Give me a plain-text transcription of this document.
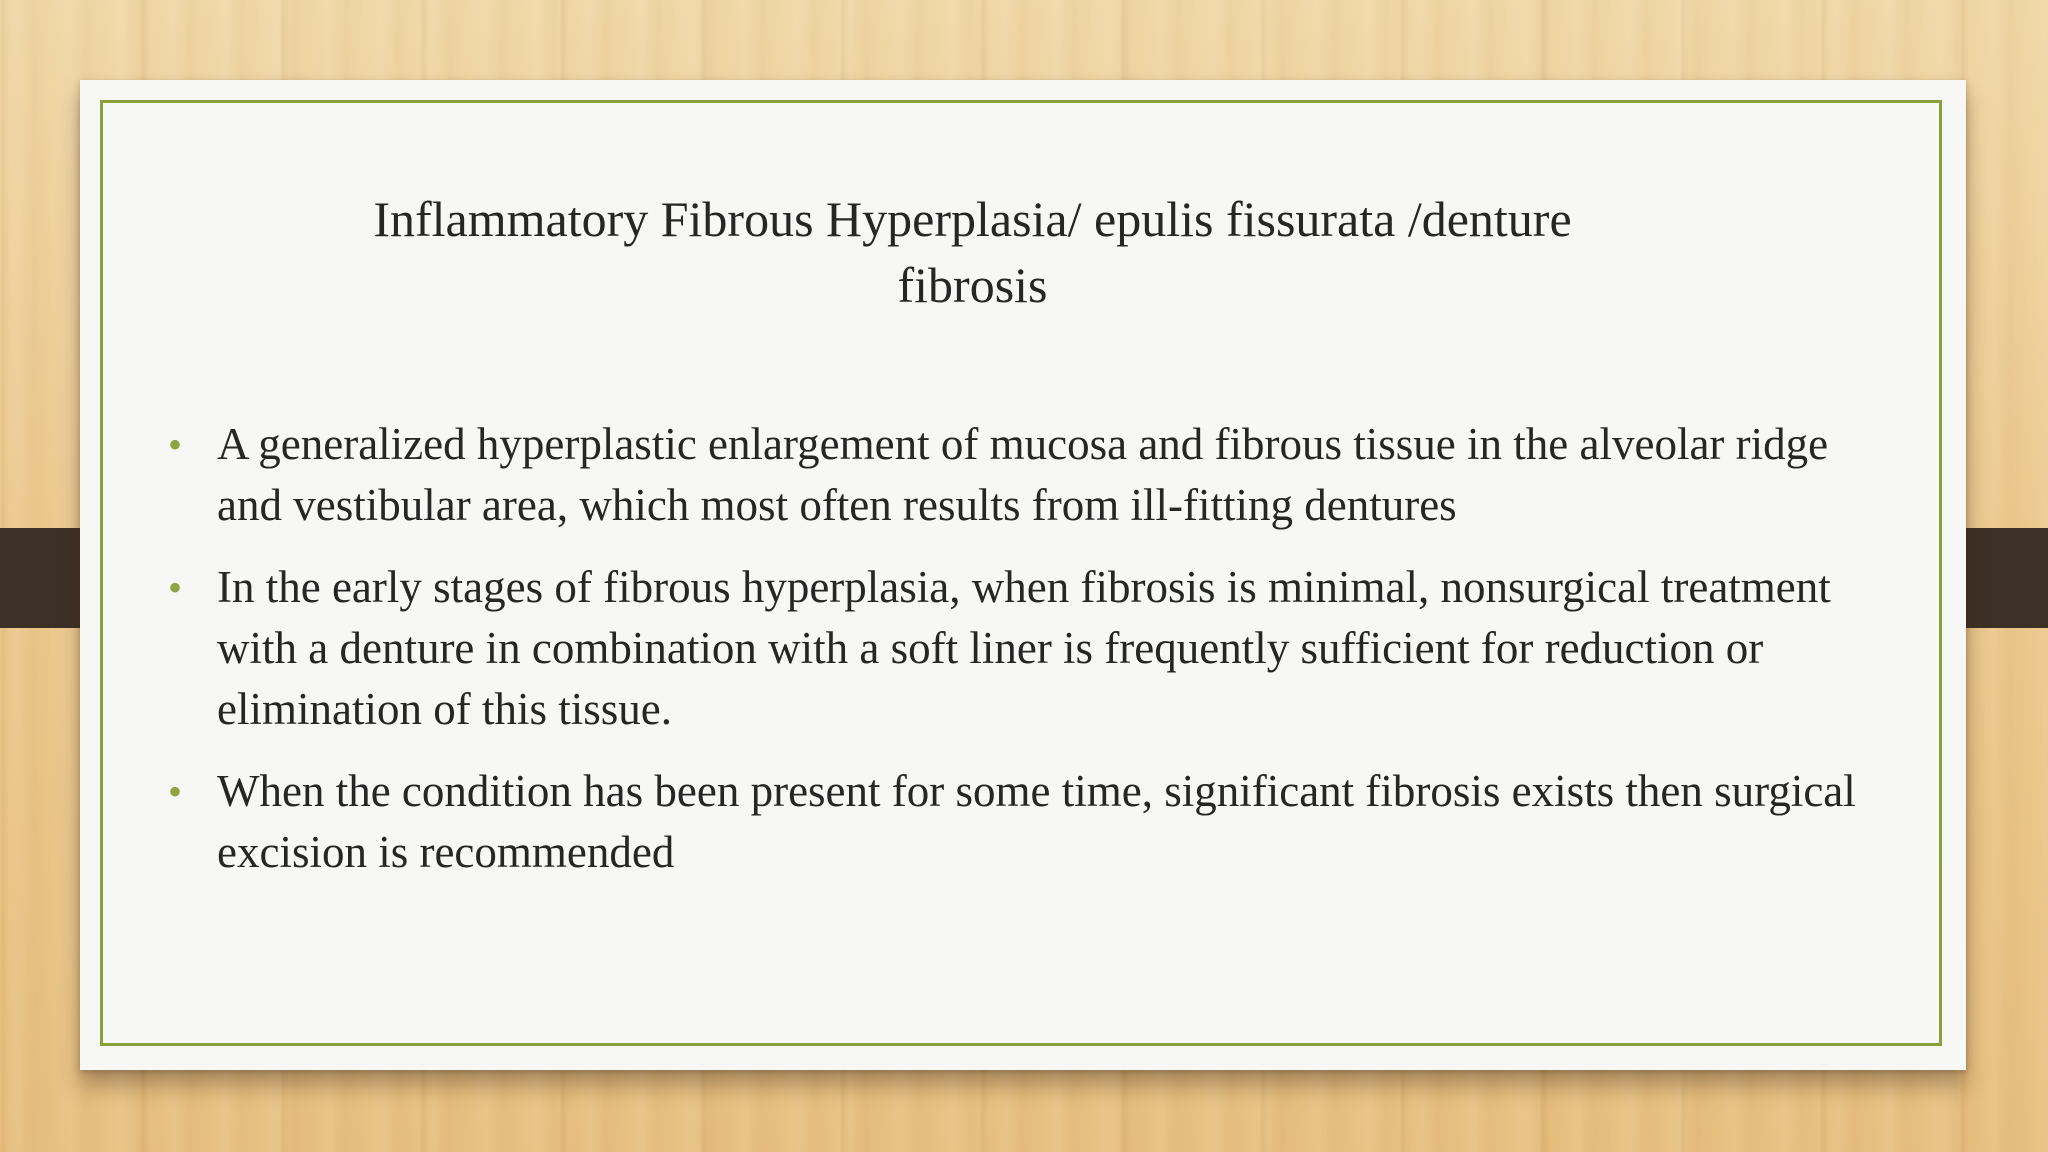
Inflammatory Fibrous Hyperplasia/ epulis fissurata /denture fibrosis
• A generalized hyperplastic enlargement of mucosa and fibrous tissue in the alveolar ridge and vestibular area, which most often results from ill-fitting dentures
• In the early stages of fibrous hyperplasia, when fibrosis is minimal, nonsurgical treatment with a denture in combination with a soft liner is frequently sufficient for reduction or elimination of this tissue.
• When the condition has been present for some time, significant fibrosis exists then surgical excision is recommended
